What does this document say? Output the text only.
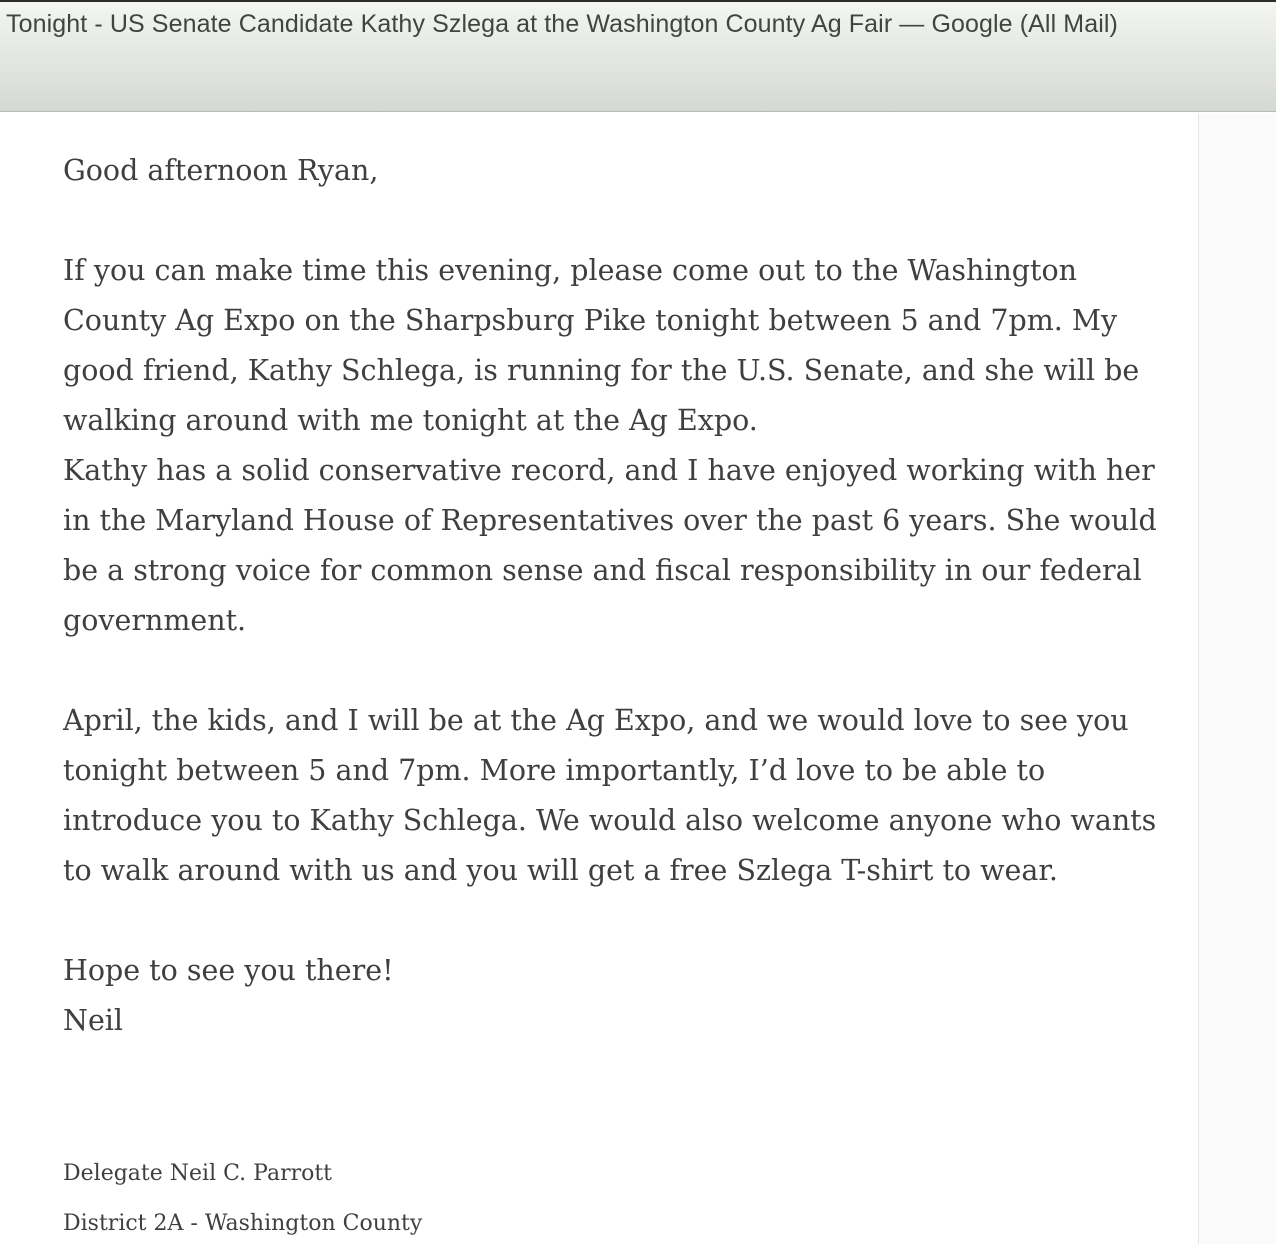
Tonight - US Senate Candidate Kathy Szlega at the Washington County Ag Fair — Google (All Mail)
Good afternoon Ryan,
If you can make time this evening, please come out to the Washington
County Ag Expo on the Sharpsburg Pike tonight between 5 and 7pm. My
good friend, Kathy Schlega, is running for the U.S. Senate, and she will be
walking around with me tonight at the Ag Expo.
Kathy has a solid conservative record, and I have enjoyed working with her
in the Maryland House of Representatives over the past 6 years. She would
be a strong voice for common sense and fiscal responsibility in our federal
government.
April, the kids, and I will be at the Ag Expo, and we would love to see you
tonight between 5 and 7pm. More importantly, I’d love to be able to
introduce you to Kathy Schlega. We would also welcome anyone who wants
to walk around with us and you will get a free Szlega T-shirt to wear.
Hope to see you there!
Neil
Delegate Neil C. Parrott
District 2A - Washington County
